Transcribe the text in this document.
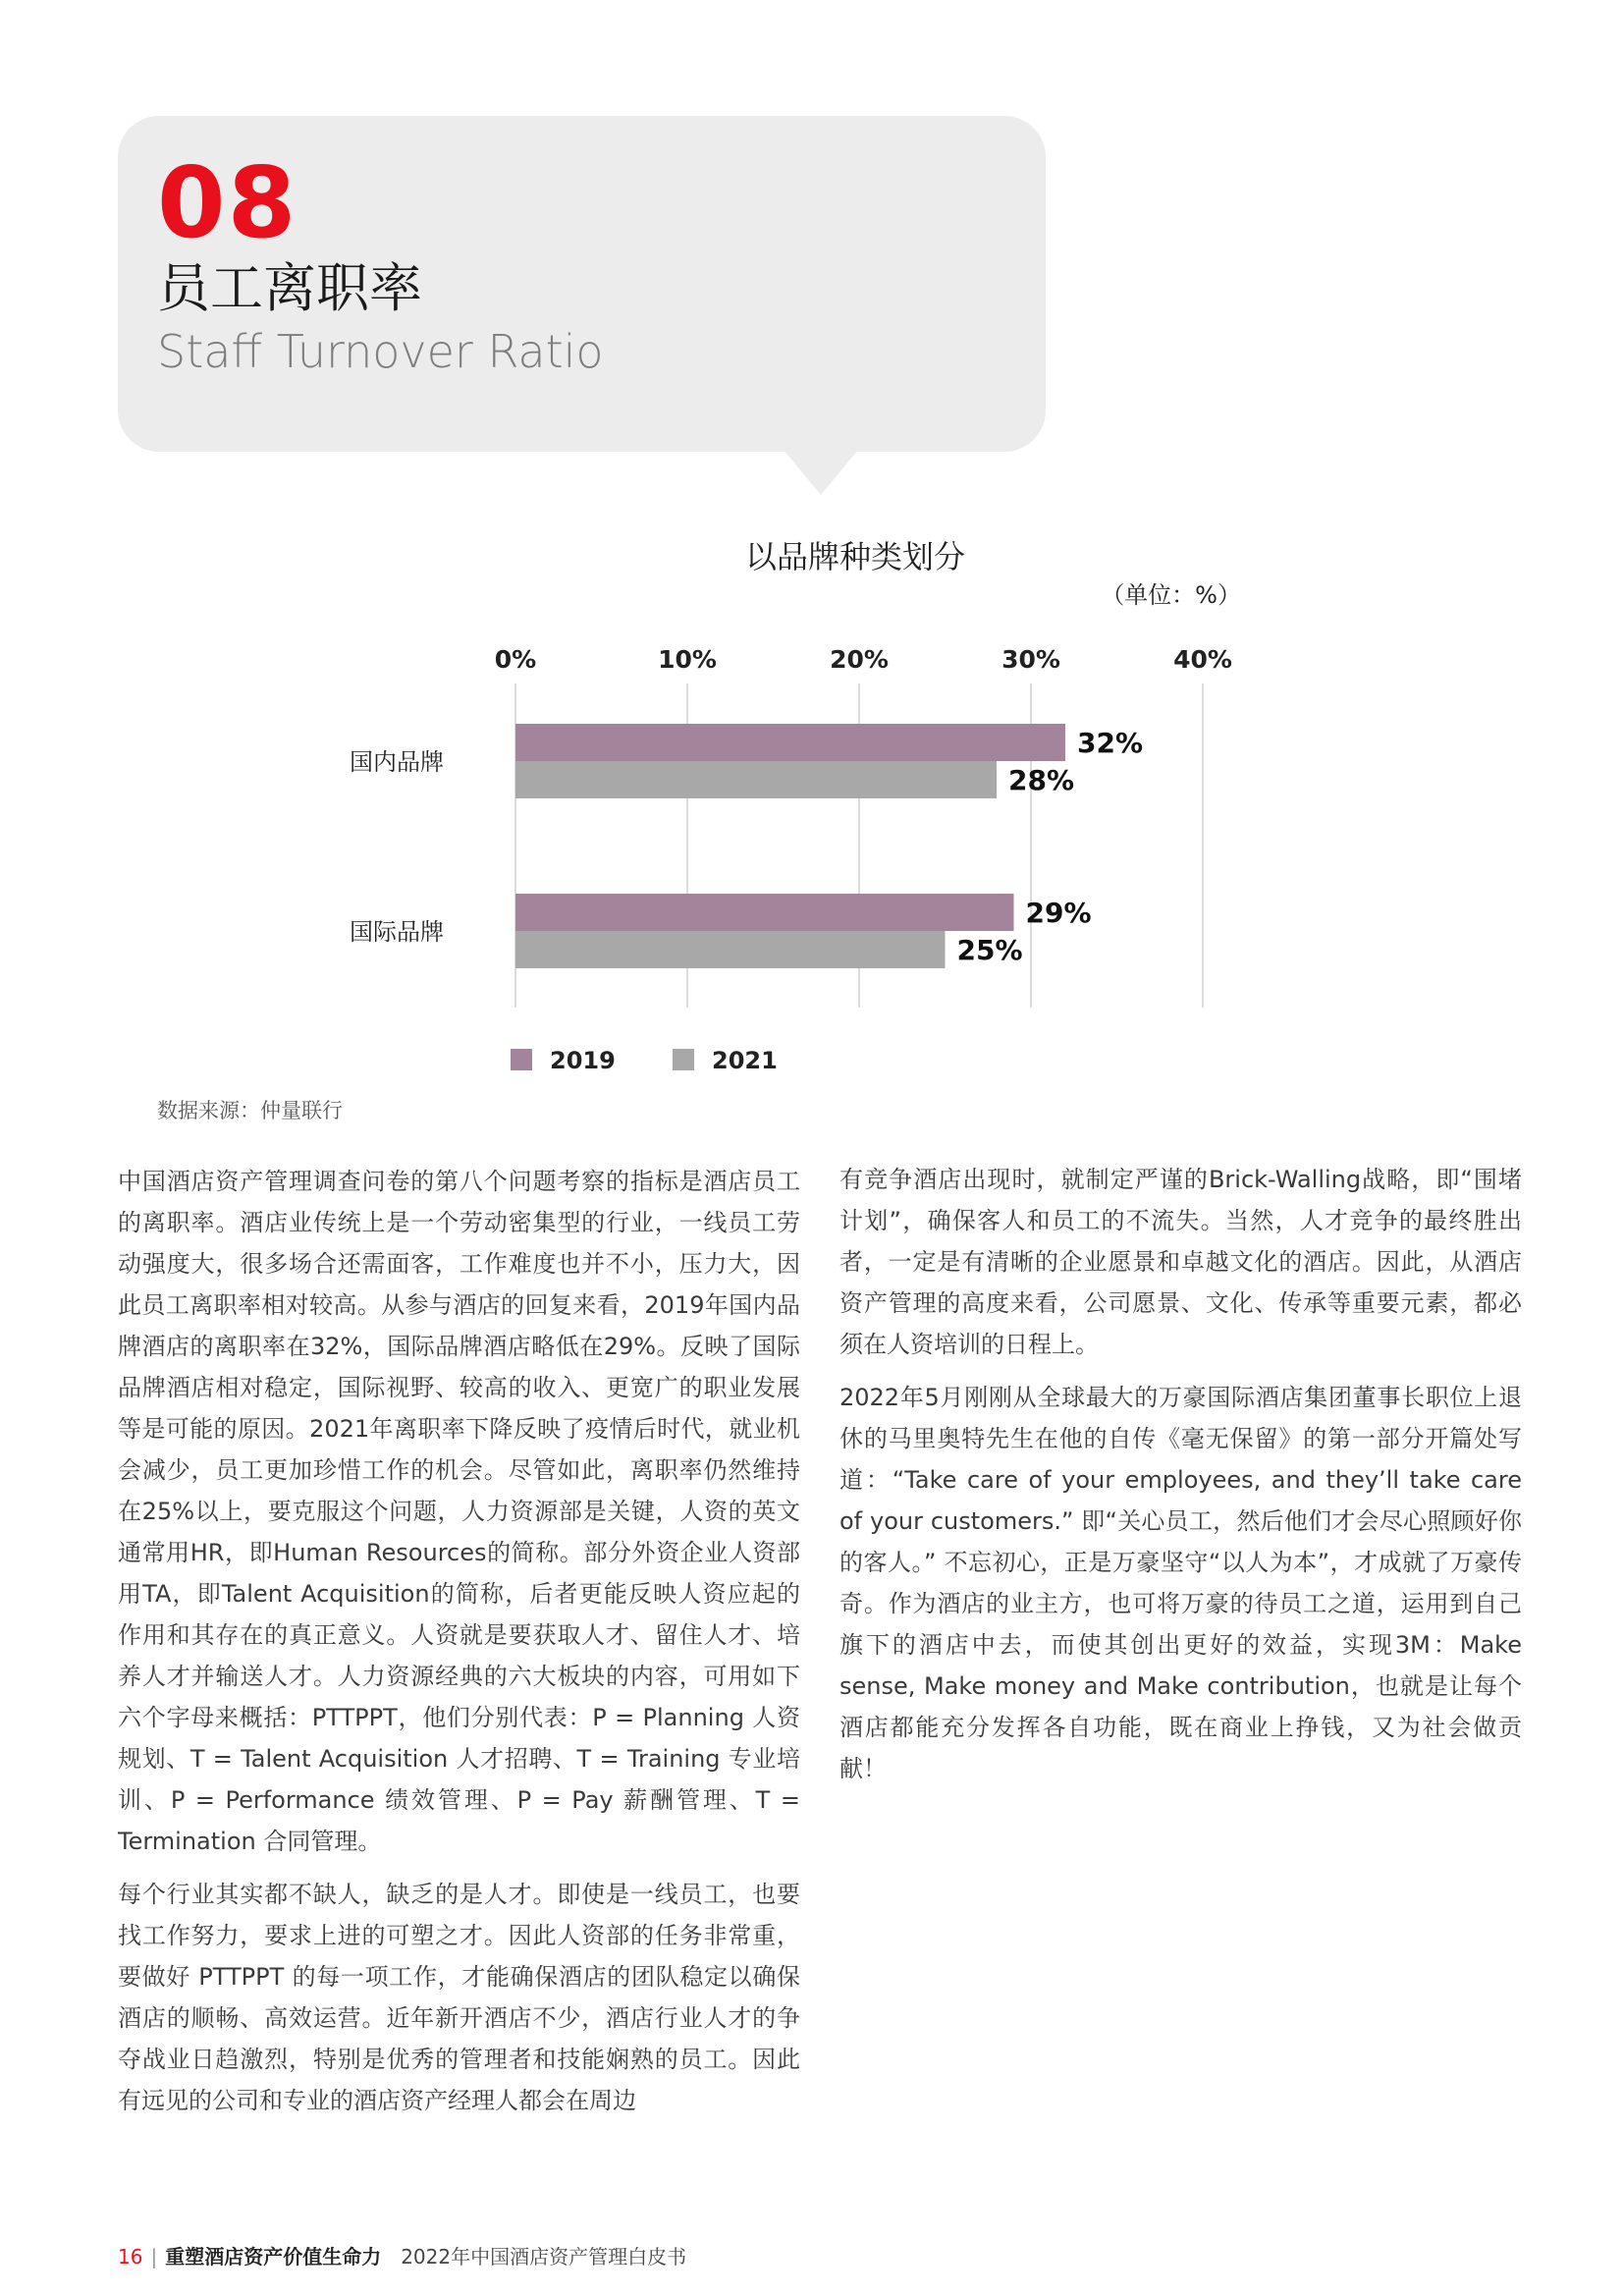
08
员工离职率
Staff Turnover Ratio
以品牌种类划分
（单位：%）
0%	10%	20%	30%	40%
32%
28%
29%
25%
国内品牌
国际品牌
2019	2021
数据来源：仲量联行

中国酒店资产管理调查问卷的第八个问题考察的指标是酒店员工的离职率。酒店业传统上是一个劳动密集型的行业，一线员工劳动强度大，很多场合还需面客，工作难度也并不小，压力大，因此员工离职率相对较高。从参与酒店的回复来看，2019年国内品牌酒店的离职率在32%，国际品牌酒店略低在29%。反映了国际品牌酒店相对稳定，国际视野、较高的收入、更宽广的职业发展等是可能的原因。2021年离职率下降反映了疫情后时代，就业机会减少，员工更加珍惜工作的机会。尽管如此，离职率仍然维持在25%以上，要克服这个问题，人力资源部是关键，人资的英文通常用HR，即Human Resources的简称。部分外资企业人资部用TA，即Talent Acquisition的简称，后者更能反映人资应起的作用和其存在的真正意义。人资就是要获取人才、留住人才、培养人才并输送人才。人力资源经典的六大板块的内容，可用如下六个字母来概括：PTTPPT，他们分别代表：P = Planning 人资规划、T = Talent Acquisition 人才招聘、T = Training 专业培训、P = Performance 绩效管理、P = Pay 薪酬管理、T = Termination 合同管理。

每个行业其实都不缺人，缺乏的是人才。即使是一线员工，也要找工作努力，要求上进的可塑之才。因此人资部的任务非常重，要做好 PTTPPT 的每一项工作，才能确保酒店的团队稳定以确保酒店的顺畅、高效运营。近年新开酒店不少，酒店行业人才的争夺战业日趋激烈，特别是优秀的管理者和技能娴熟的员工。因此有远见的公司和专业的酒店资产经理人都会在周边

有竞争酒店出现时，就制定严谨的Brick-Walling战略，即“围堵计划”，确保客人和员工的不流失。当然，人才竞争的最终胜出者，一定是有清晰的企业愿景和卓越文化的酒店。因此，从酒店资产管理的高度来看，公司愿景、文化、传承等重要元素，都必须在人资培训的日程上。

2022年5月刚刚从全球最大的万豪国际酒店集团董事长职位上退休的马里奥特先生在他的自传《毫无保留》的第一部分开篇处写道：“Take care of your employees, and they’ll take care of your customers.” 即“关心员工，然后他们才会尽心照顾好你的客人。” 不忘初心，正是万豪坚守“以人为本”，才成就了万豪传奇。作为酒店的业主方，也可将万豪的待员工之道，运用到自己旗下的酒店中去，而使其创出更好的效益，实现3M：Make sense, Make money and Make contribution，也就是让每个酒店都能充分发挥各自功能，既在商业上挣钱，又为社会做贡献！

16 | 重塑酒店资产价值生命力 2022年中国酒店资产管理白皮书
